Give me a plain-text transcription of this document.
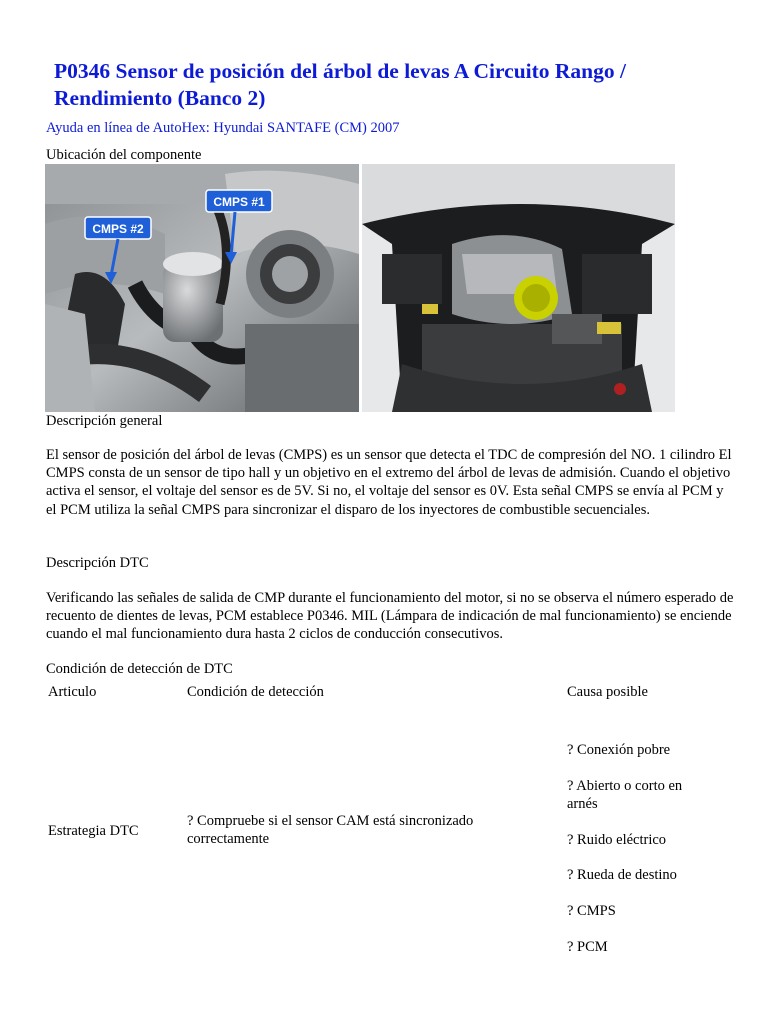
P0346 Sensor de posición del árbol de levas A Circuito Rango / Rendimiento (Banco 2)
Ayuda en línea de AutoHex: Hyundai SANTAFE (CM) 2007
Ubicación del componente
CMPS #1
CMPS #2
Descripción general

El sensor de posición del árbol de levas (CMPS) es un sensor que detecta el TDC de compresión del NO. 1 cilindro El CMPS consta de un sensor de tipo hall y un objetivo en el extremo del árbol de levas de admisión. Cuando el objetivo activa el sensor, el voltaje del sensor es de 5V. Si no, el voltaje del sensor es 0V. Esta señal CMPS se envía al PCM y el PCM utiliza la señal CMPS para sincronizar el disparo de los inyectores de combustible secuenciales.

Descripción DTC

Verificando las señales de salida de CMP durante el funcionamiento del motor, si no se observa el número esperado de recuento de dientes de levas, PCM establece P0346. MIL (Lámpara de indicación de mal funcionamiento) se enciende cuando el mal funcionamiento dura hasta 2 ciclos de conducción consecutivos.

Condición de detección de DTC
Articulo	Condición de detección	Causa posible
Estrategia DTC
? Compruebe si el sensor CAM está sincronizado correctamente
? Conexión pobre
? Abierto o corto en arnés
? Ruido eléctrico
? Rueda de destino
? CMPS
? PCM
